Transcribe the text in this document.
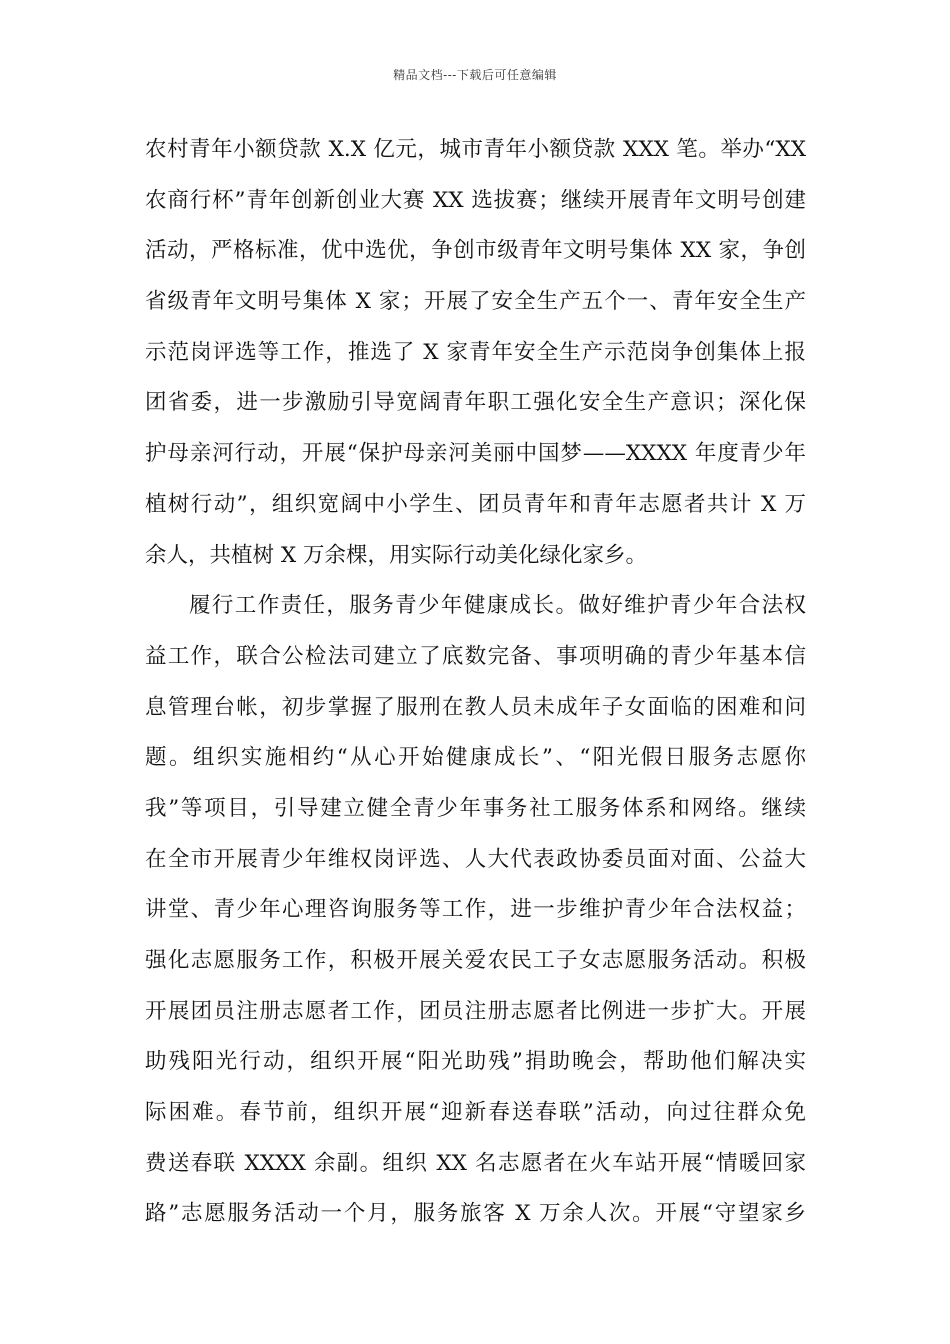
精品文档---下载后可任意编辑
农村青年小额贷款 X.X 亿元，城市青年小额贷款 XXX 笔。举办“XX
农商行杯”青年创新创业大赛 XX 选拔赛；继续开展青年文明号创建
活动，严格标准，优中选优，争创市级青年文明号集体 XX 家，争创
省级青年文明号集体 X 家；开展了安全生产五个一、青年安全生产
示范岗评选等工作，推选了 X 家青年安全生产示范岗争创集体上报
团省委，进一步激励引导宽阔青年职工强化安全生产意识；深化保
护母亲河行动，开展“保护母亲河美丽中国梦——XXXX 年度青少年
植树行动”，组织宽阔中小学生、团员青年和青年志愿者共计 X 万
余人，共植树 X 万余棵，用实际行动美化绿化家乡。
履行工作责任，服务青少年健康成长。做好维护青少年合法权
益工作，联合公检法司建立了底数完备、事项明确的青少年基本信
息管理台帐，初步掌握了服刑在教人员未成年子女面临的困难和问
题。组织实施相约“从心开始健康成长”、“阳光假日服务志愿你
我”等项目，引导建立健全青少年事务社工服务体系和网络。继续
在全市开展青少年维权岗评选、人大代表政协委员面对面、公益大
讲堂、青少年心理咨询服务等工作，进一步维护青少年合法权益；
强化志愿服务工作，积极开展关爱农民工子女志愿服务活动。积极
开展团员注册志愿者工作，团员注册志愿者比例进一步扩大。开展
助残阳光行动，组织开展“阳光助残”捐助晚会，帮助他们解决实
际困难。春节前，组织开展“迎新春送春联”活动，向过往群众免
费送春联 XXXX 余副。组织 XX 名志愿者在火车站开展“情暖回家
路”志愿服务活动一个月，服务旅客 X 万余人次。开展“守望家乡
